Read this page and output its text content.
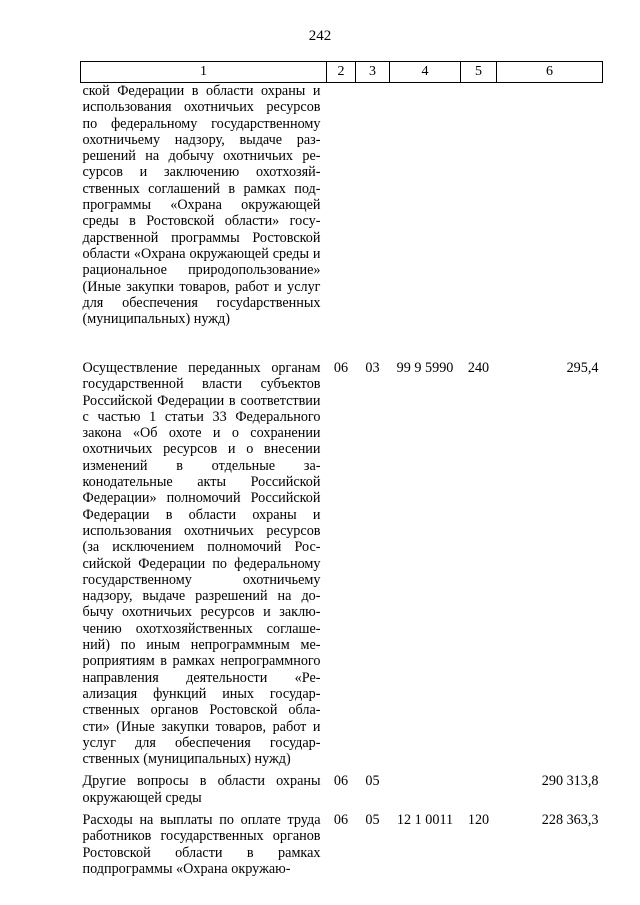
242
1	2	3	4	5	6
ской Федерации в области охраны и использования охотничьих ресурсов по федеральному государственному охотничьему надзору, выдаче разрешений на добычу охотничьих ресурсов и заключению охотхозяйственных соглашений в рамках подпрограммы «Охрана окружающей среды в Ростовской области» государственной программы Ростовской области «Охрана окружающей среды и рациональное природопользование» (Иные закупки товаров, работ и услуг для обеспечения госуdарственных (муниципальных) нужд)					
Осуществление переданных органам государственной власти субъектов Российской Федерации в соответствии с частью 1 статьи 33 Федерального закона «Об охоте и о сохранении охотничьих ресурсов и о внесении изменений в отдельные законодательные акты Российской Федерации» полномочий Российской Федерации в области охраны и использования охотничьих ресурсов (за исключением полномочий Российской Федерации по федеральному государственному охотничьему надзору, выдаче разрешений на добычу охотничьих ресурсов и заключению охотхозяйственных соглашений) по иным непрограммным мероприятиям в рамках непрограммного направления деятельности «Реализация функций иных государственных органов Ростовской области» (Иные закупки товаров, работ и услуг для обеспечения государственных (муниципальных) нужд)	06	03	99 9 5990	240	295,4
Другие вопросы в области охраны окружающей среды	06	05			290 313,8
Расходы на выплаты по оплате труда работников государственных органов Ростовской области в рамках подпрограммы «Охрана окружаю-	06	05	12 1 0011	120	228 363,3
